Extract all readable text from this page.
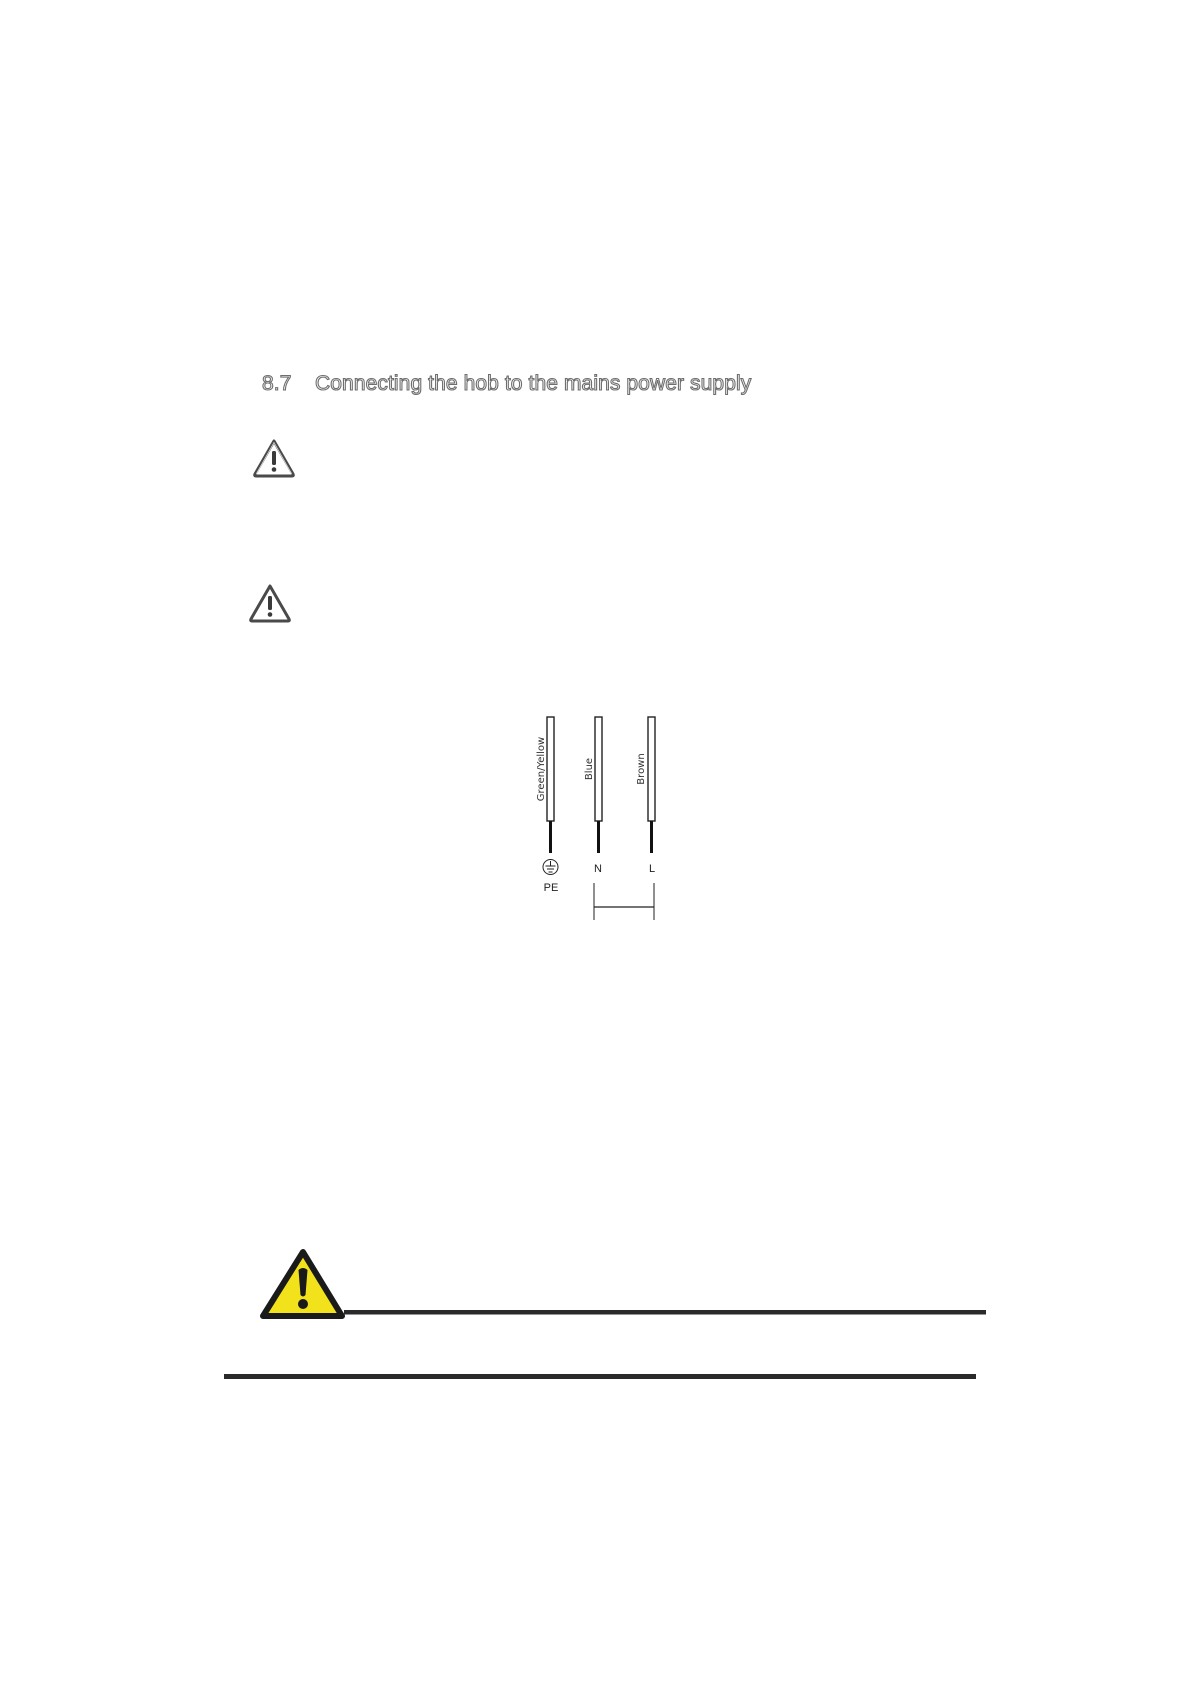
8.7 Connecting the hob to the mains power supply
Green/Yellow	Blue	Brown
PE
N	L
